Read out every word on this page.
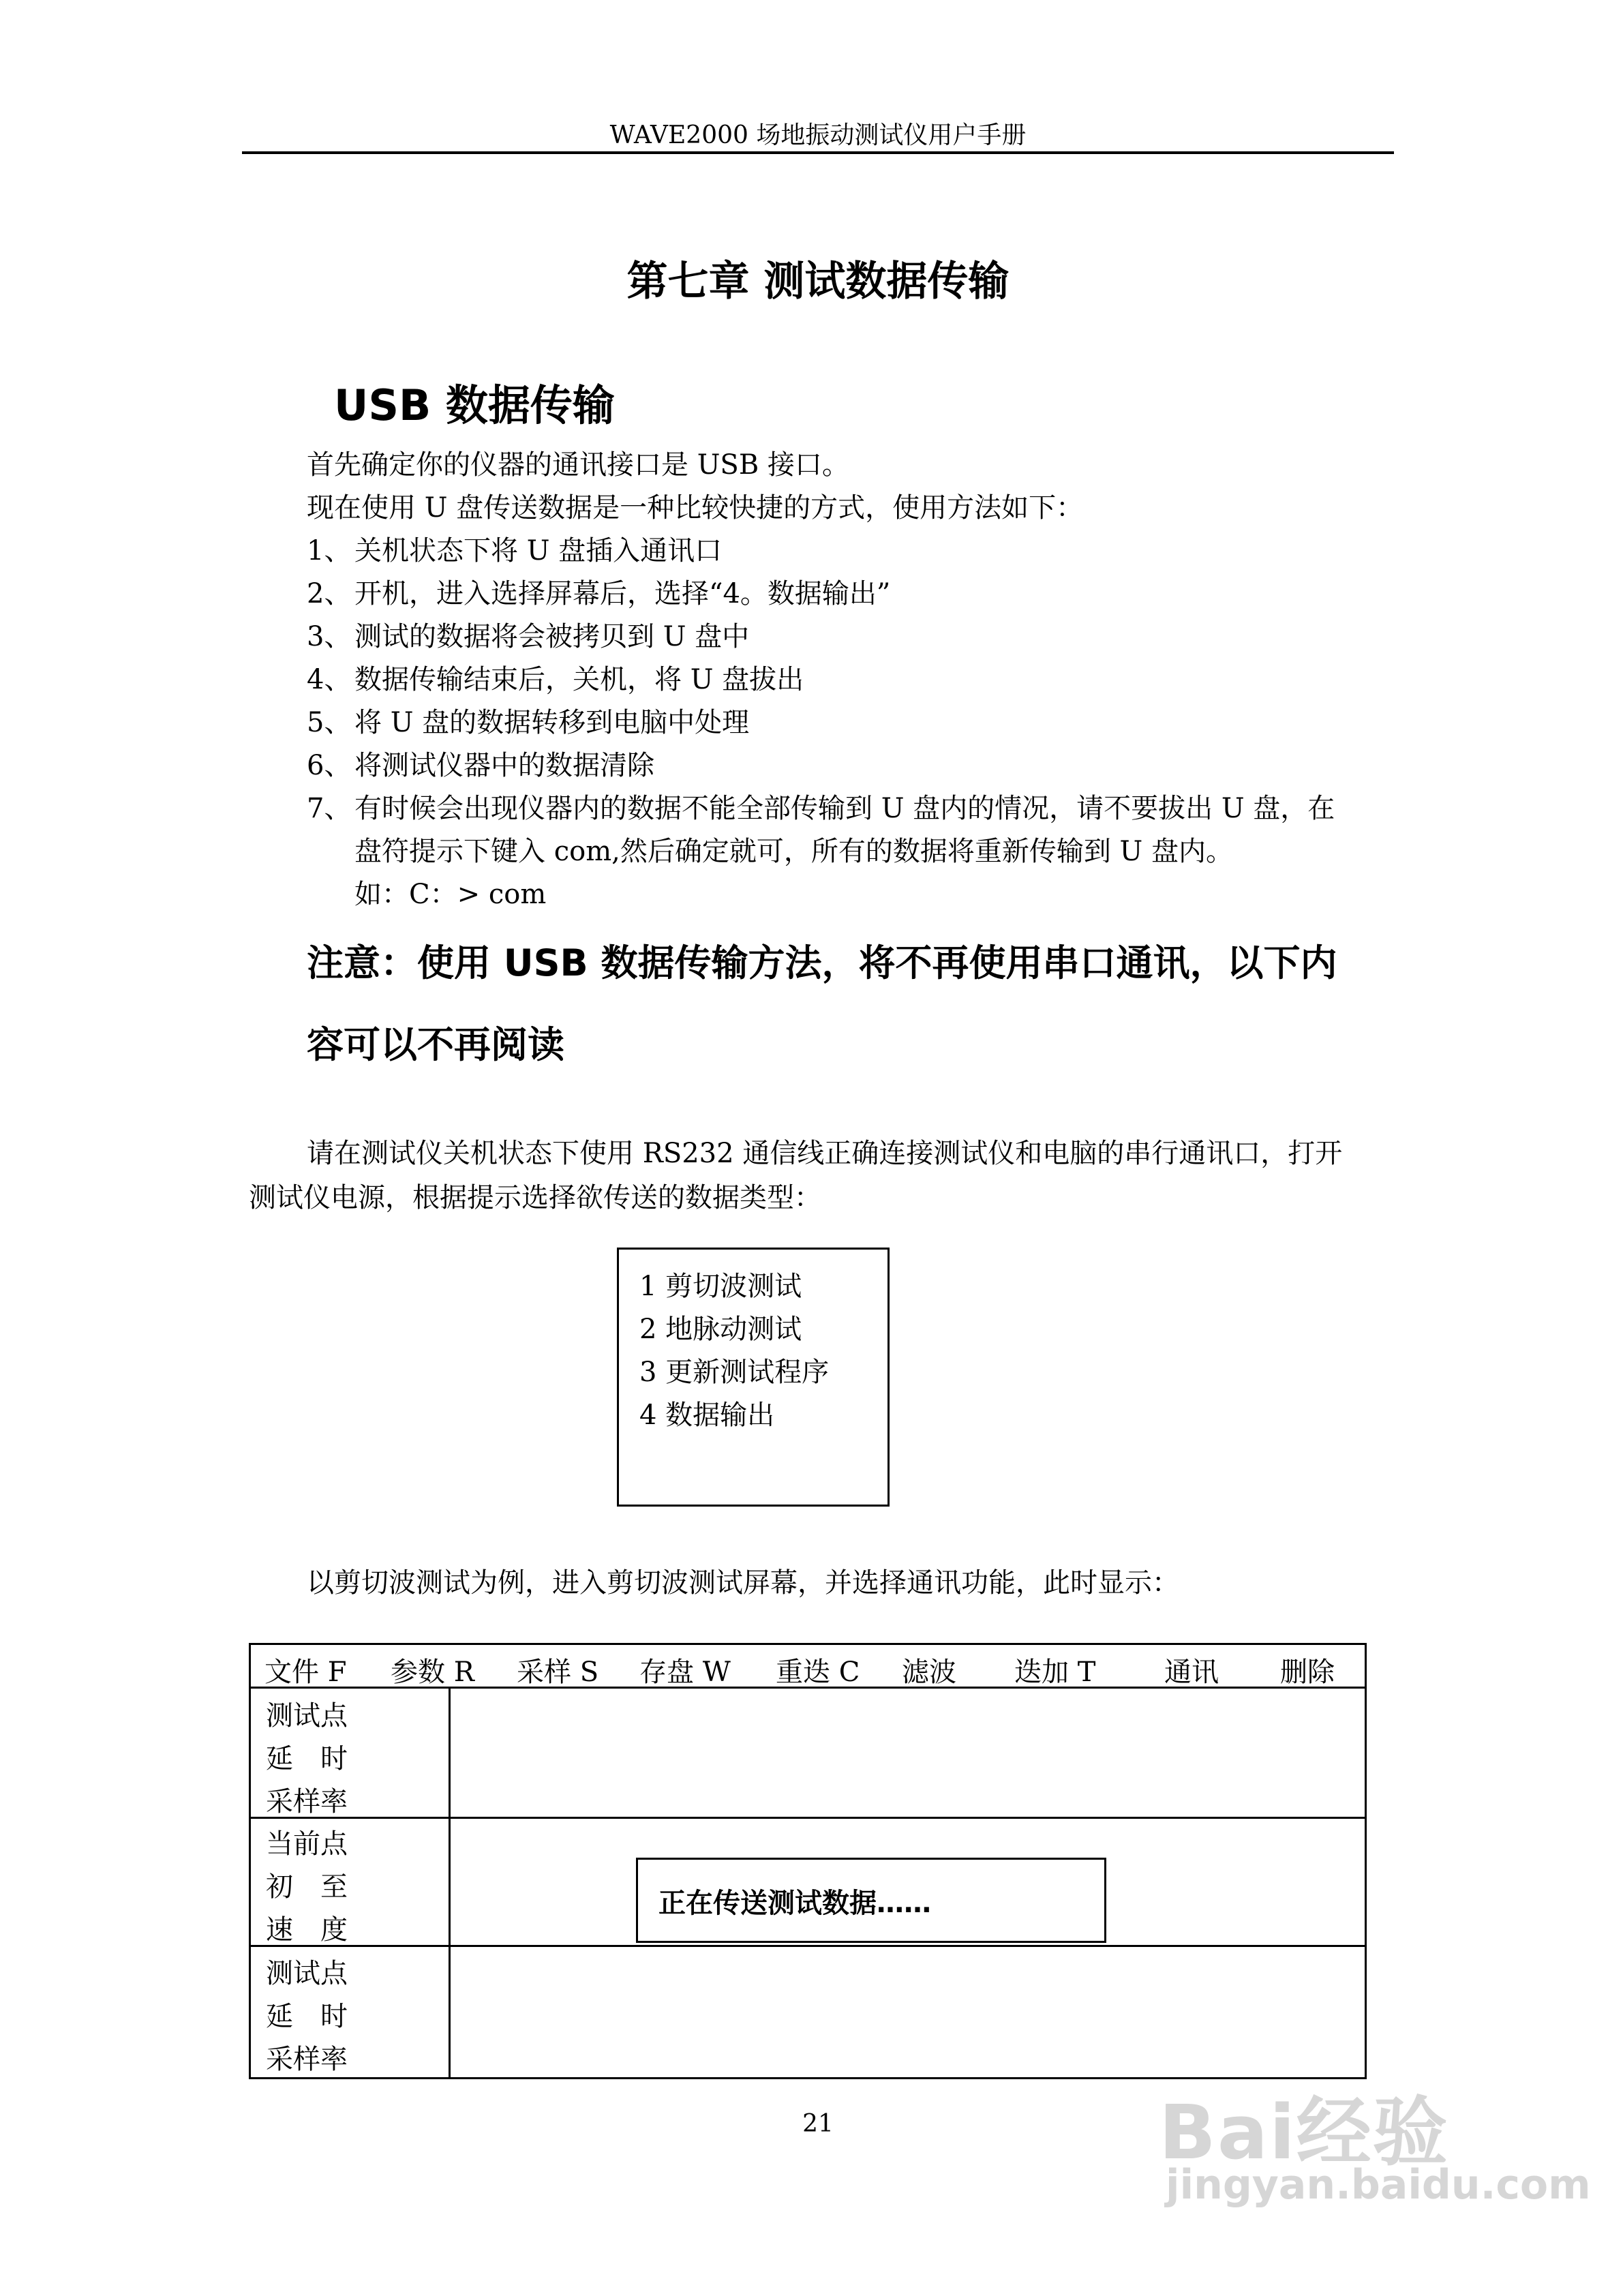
WAVE2000 场地振动测试仪用户手册
第七章 测试数据传输
USB 数据传输
首先确定你的仪器的通讯接口是 USB 接口。
现在使用 U 盘传送数据是一种比较快捷的方式，使用方法如下：
1、 关机状态下将 U 盘插入通讯口
2、 开机，进入选择屏幕后，选择“4。数据输出”
3、 测试的数据将会被拷贝到 U 盘中
4、 数据传输结束后，关机，将 U 盘拔出
5、 将 U 盘的数据转移到电脑中处理
6、 将测试仪器中的数据清除
7、 有时候会出现仪器内的数据不能全部传输到 U 盘内的情况，请不要拔出 U 盘，在
盘符提示下键入 com,然后确定就可，所有的数据将重新传输到 U 盘内。
如：C：> com
注意：使用 USB 数据传输方法，将不再使用串口通讯，以下内
容可以不再阅读
请在测试仪关机状态下使用 RS232 通信线正确连接测试仪和电脑的串行通讯口，打开
测试仪电源，根据提示选择欲传送的数据类型：
1 剪切波测试
2 地脉动测试
3 更新测试程序
4 数据输出
以剪切波测试为例，进入剪切波测试屏幕，并选择通讯功能，此时显示：
文件 F 参数 R 采样 S 存盘 W 重迭 C 滤波 迭加 T	通讯 删除
测试点
延　时
采样率
当前点
初　至
速　度
测试点
延　时
采样率
正在传送测试数据……
21	Bai经验
jingyan.baidu.com
